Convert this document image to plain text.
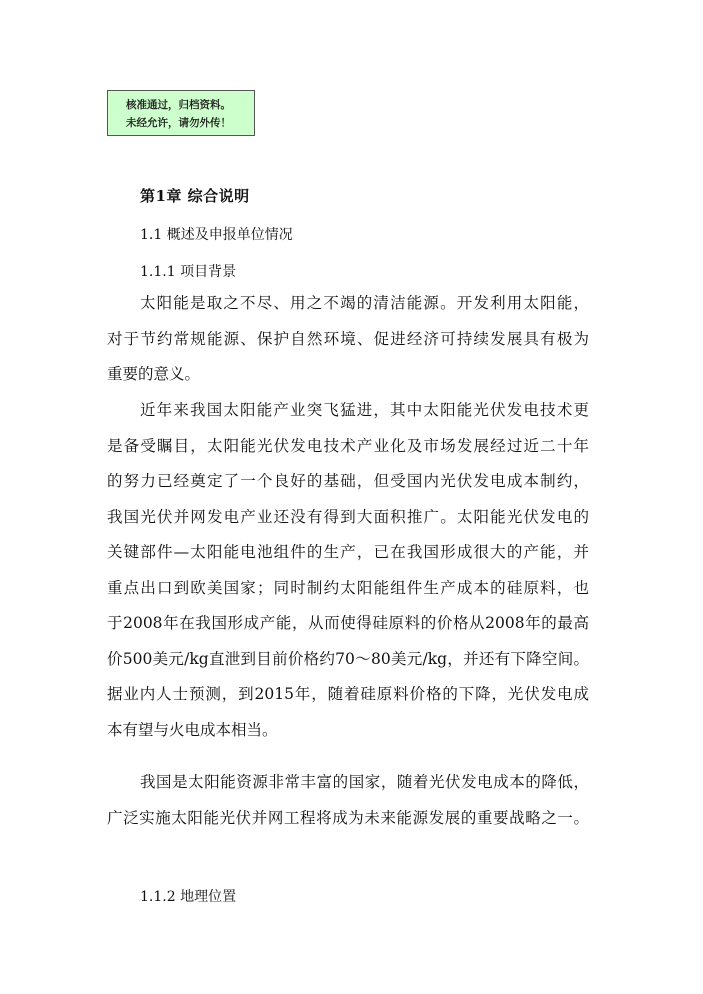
核准通过，归档资料。
未经允许，请勿外传！
第1章 综合说明
1.1 概述及申报单位情况
1.1.1 项目背景
太阳能是取之不尽、用之不竭的清洁能源。开发利用太阳能，
对于节约常规能源、保护自然环境、促进经济可持续发展具有极为
重要的意义。
近年来我国太阳能产业突飞猛进，其中太阳能光伏发电技术更
是备受瞩目，太阳能光伏发电技术产业化及市场发展经过近二十年
的努力已经奠定了一个良好的基础，但受国内光伏发电成本制约，
我国光伏并网发电产业还没有得到大面积推广。太阳能光伏发电的
关键部件—太阳能电池组件的生产，已在我国形成很大的产能，并
重点出口到欧美国家；同时制约太阳能组件生产成本的硅原料，也
于2008年在我国形成产能，从而使得硅原料的价格从2008年的最高
价500美元/kg直泄到目前价格约70～80美元/kg，并还有下降空间。
据业内人士预测，到2015年，随着硅原料价格的下降，光伏发电成
本有望与火电成本相当。
我国是太阳能资源非常丰富的国家，随着光伏发电成本的降低，
广泛实施太阳能光伏并网工程将成为未来能源发展的重要战略之一。
1.1.2 地理位置
